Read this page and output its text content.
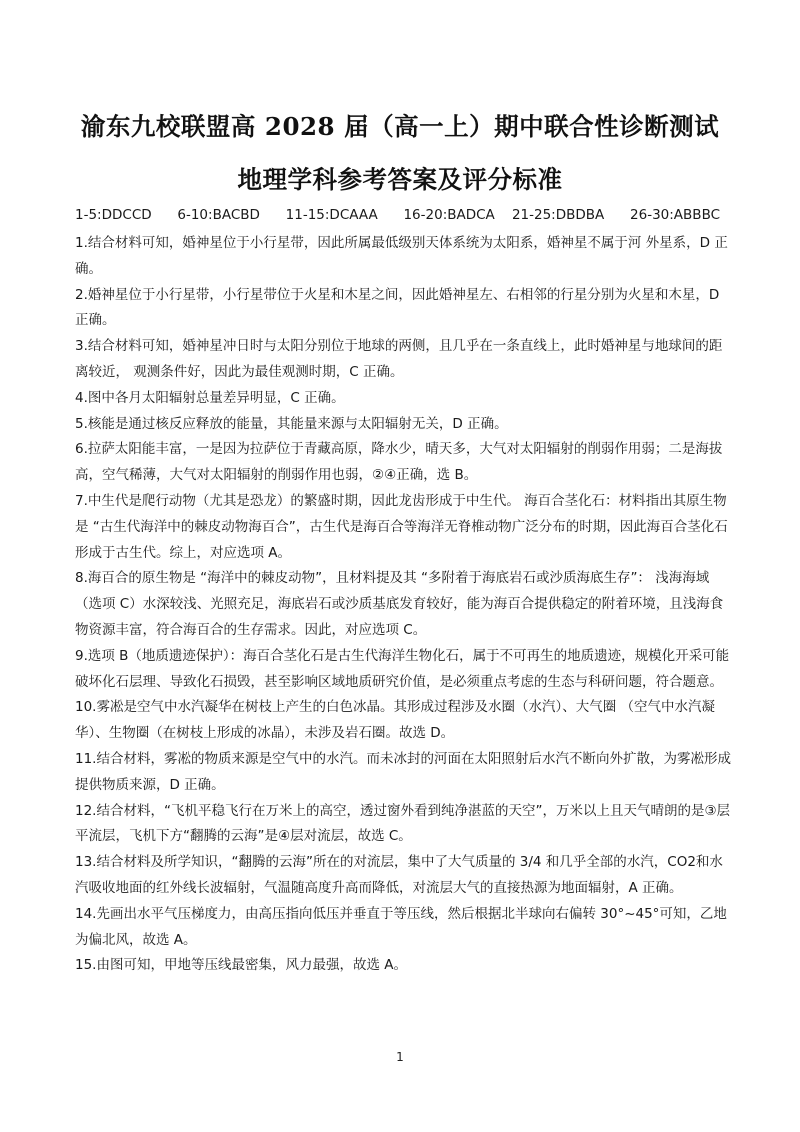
渝东九校联盟高 2028 届（高一上）期中联合性诊断测试
地理学科参考答案及评分标准
1-5:DDCCD      6-10:BACBD      11-15:DCAAA      16-20:BADCA    21-25:DBDBA      26-30:ABBBC

1.结合材料可知，婚神星位于小行星带，因此所属最低级别天体系统为太阳系，婚神星不属于河 外星系，D 正确。

2.婚神星位于小行星带，小行星带位于火星和木星之间，因此婚神星左、右相邻的行星分别为火星和木星，D 正确。

3.结合材料可知，婚神星冲日时与太阳分别位于地球的两侧，且几乎在一条直线上，此时婚神星与地球间的距离较近， 观测条件好，因此为最佳观测时期，C 正确。

4.图中各月太阳辐射总量差异明显，C 正确。

5.核能是通过核反应释放的能量，其能量来源与太阳辐射无关，D 正确。

6.拉萨太阳能丰富，一是因为拉萨位于青藏高原，降水少，晴天多，大气对太阳辐射的削弱作用弱；二是海拔高，空气稀薄，大气对太阳辐射的削弱作用也弱，②④正确，选 B。

7.中生代是爬行动物（尤其是恐龙）的繁盛时期，因此龙齿形成于中生代。 海百合茎化石：材料指出其原生物是 “古生代海洋中的棘皮动物海百合”，古生代是海百合等海洋无脊椎动物广泛分布的时期，因此海百合茎化石形成于古生代。综上，对应选项 A。

8.海百合的原生物是 “海洋中的棘皮动物”，且材料提及其 “多附着于海底岩石或沙质海底生存”： 浅海海域（选项 C）水深较浅、光照充足，海底岩石或沙质基底发育较好，能为海百合提供稳定的附着环境，且浅海食物资源丰富，符合海百合的生存需求。因此，对应选项 C。

9.选项 B（地质遗迹保护）：海百合茎化石是古生代海洋生物化石，属于不可再生的地质遗迹，规模化开采可能破坏化石层理、导致化石损毁，甚至影响区域地质研究价值，是必须重点考虑的生态与科研问题，符合题意。

10.雾凇是空气中水汽凝华在树枝上产生的白色冰晶。其形成过程涉及水圈（水汽）、大气圈 （空气中水汽凝华）、生物圈（在树枝上形成的冰晶），未涉及岩石圈。故选 D。

11.结合材料，雾凇的物质来源是空气中的水汽。而未冰封的河面在太阳照射后水汽不断向外扩散，为雾凇形成提供物质来源，D 正确。

12.结合材料，“飞机平稳飞行在万米上的高空，透过窗外看到纯净湛蓝的天空”，万米以上且天气晴朗的是③层平流层，飞机下方“翻腾的云海”是④层对流层，故选 C。

13.结合材料及所学知识，“翻腾的云海”所在的对流层，集中了大气质量的 3/4 和几乎全部的水汽，CO2和水汽吸收地面的红外线长波辐射，气温随高度升高而降低，对流层大气的直接热源为地面辐射，A 正确。

14.先画出水平气压梯度力，由高压指向低压并垂直于等压线，然后根据北半球向右偏转 30°~45°可知，乙地为偏北风，故选 A。

15.由图可知，甲地等压线最密集，风力最强，故选 A。

1
